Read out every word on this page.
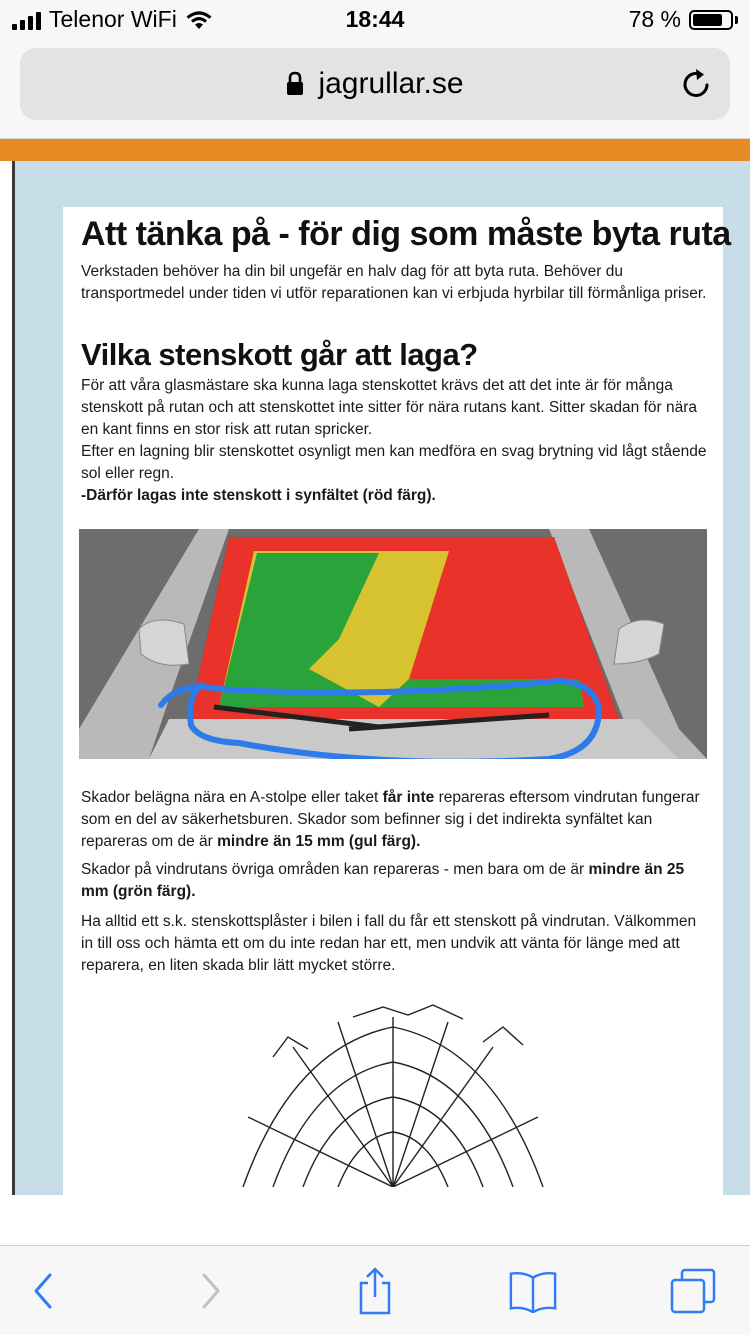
Telenor WiFi	18:44	78 %
jagrullar.se
Att tänka på - för dig som måste byta ruta
Verkstaden behöver ha din bil ungefär en halv dag för att byta ruta. Behöver du transportmedel under tiden vi utför reparationen kan vi erbjuda hyrbilar till förmånliga priser.
Vilka stenskott går att laga?
För att våra glasmästare ska kunna laga stenskottet krävs det att det inte är för många stenskott på rutan och att stenskottet inte sitter för nära rutans kant. Sitter skadan för nära en kant finns en stor risk att rutan spricker.
Efter en lagning blir stenskottet osynligt men kan medföra en svag brytning vid lågt stående sol eller regn.
-Därför lagas inte stenskott i synfältet (röd färg).
Skador belägna nära en A-stolpe eller taket får inte repareras eftersom vindrutan fungerar som en del av säkerhetsburen. Skador som befinner sig i det indirekta synfältet kan repareras om de är mindre än 15 mm (gul färg).
Skador på vindrutans övriga områden kan repareras - men bara om de är mindre än 25 mm (grön färg).
Ha alltid ett s.k. stenskottsplåster i bilen i fall du får ett stenskott på vindrutan. Välkommen in till oss och hämta ett om du inte redan har ett, men undvik att vänta för länge med att reparera, en liten skada blir lätt mycket större.
